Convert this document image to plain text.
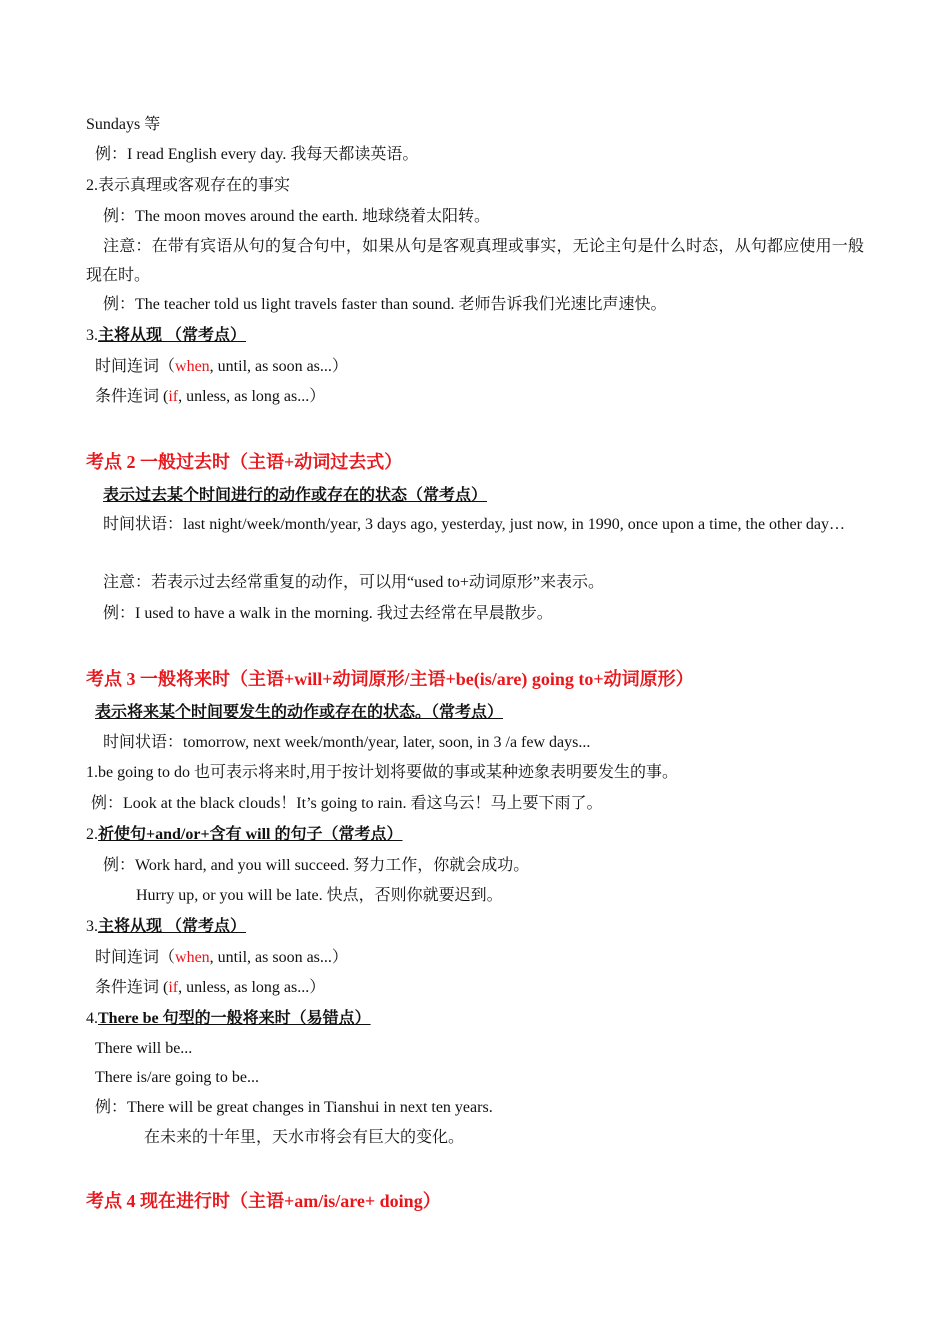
Sundays 等
例：I read English every day. 我每天都读英语。
2.表示真理或客观存在的事实
例：The moon moves around the earth. 地球绕着太阳转。
注意：在带有宾语从句的复合句中，如果从句是客观真理或事实，无论主句是什么时态，从句都应使用一般现在时。
例：The teacher told us light travels faster than sound. 老师告诉我们光速比声速快。
3.主将从现 （常考点）
时间连词（when, until, as soon as...）
条件连词 (if, unless, as long as...）
考点 2 一般过去时（主语+动词过去式）
表示过去某个时间进行的动作或存在的状态（常考点）
时间状语：last night/week/month/year, 3 days ago, yesterday, just now, in 1990, once upon a time, the other day…
注意：若表示过去经常重复的动作，可以用“used to+动词原形”来表示。
例：I used to have a walk in the morning. 我过去经常在早晨散步。
考点 3 一般将来时（主语+will+动词原形/主语+be(is/are) going to+动词原形）
表示将来某个时间要发生的动作或存在的状态。（常考点）
时间状语：tomorrow, next week/month/year, later, soon, in 3 /a few days...
1.be going to do 也可表示将来时,用于按计划将要做的事或某种迹象表明要发生的事。
例：Look at the black clouds！It’s going to rain. 看这乌云！马上要下雨了。
2.祈使句+and/or+含有 will 的句子（常考点）
例：Work hard, and you will succeed. 努力工作，你就会成功。
Hurry up, or you will be late. 快点，否则你就要迟到。
3.主将从现 （常考点）
时间连词（when, until, as soon as...）
条件连词 (if, unless, as long as...）
4.There be 句型的一般将来时（易错点）
There will be...
There is/are going to be...
例：There will be great changes in Tianshui in next ten years.
在未来的十年里，天水市将会有巨大的变化。
考点 4 现在进行时（主语+am/is/are+ doing）
